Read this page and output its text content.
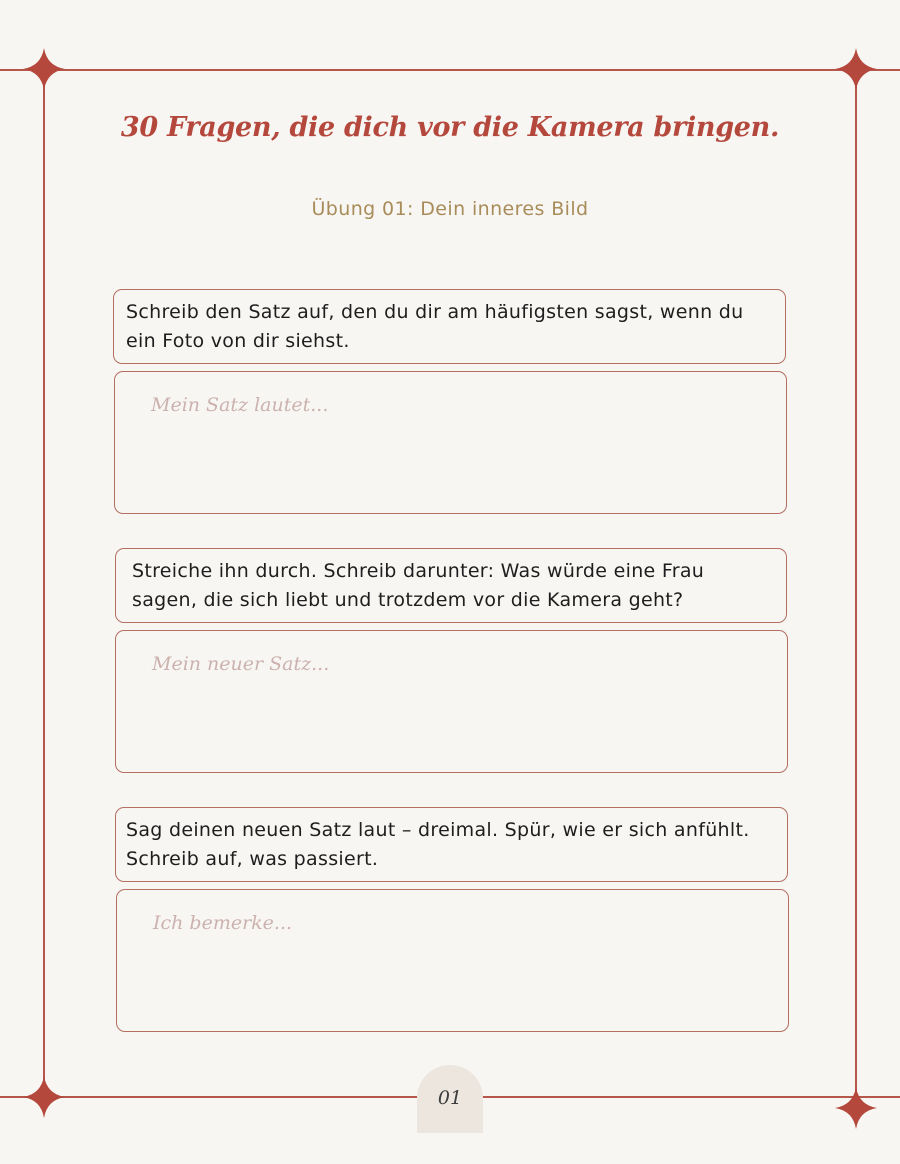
30 Fragen, die dich vor die Kamera bringen.
Übung 01: Dein inneres Bild
Schreib den Satz auf, den du dir am häufigsten sagst, wenn du ein Foto von dir siehst.
Mein Satz lautet...
Streiche ihn durch. Schreib darunter: Was würde eine Frau sagen, die sich liebt und trotzdem vor die Kamera geht?
Mein neuer Satz...
Sag deinen neuen Satz laut – dreimal. Spür, wie er sich anfühlt. Schreib auf, was passiert.
Ich bemerke...
01
